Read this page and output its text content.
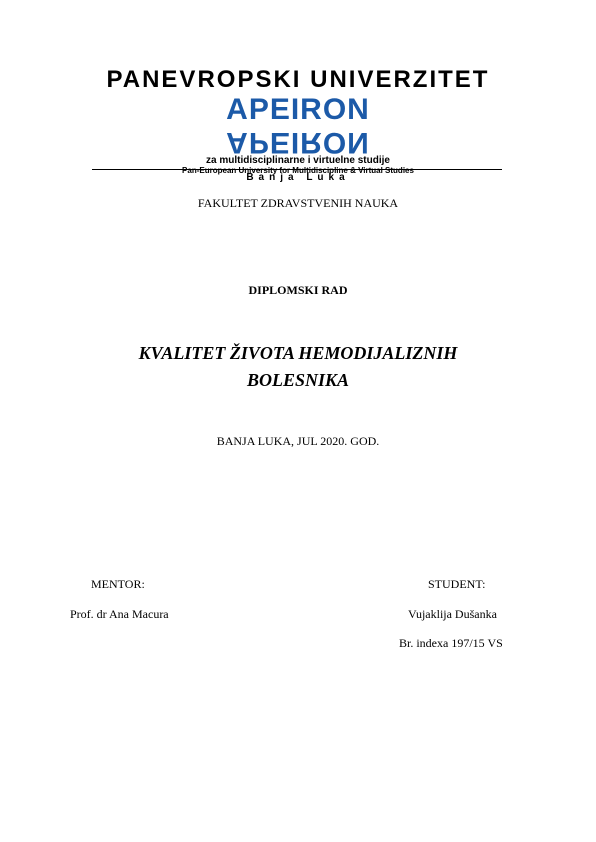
PANEVROPSKI UNIVERZITET
APEIRON
APEIRON
za multidisciplinarne i virtuelne studije
Pan-European University for Multidiscipline & Virtual Studies
Banja Luka
FAKULTET ZDRAVSTVENIH NAUKA
DIPLOMSKI RAD
KVALITET ŽIVOTA HEMODIJALIZNIH
BOLESNIKA
BANJA LUKA, JUL 2020. GOD.
MENTOR:
Prof. dr Ana Macura
STUDENT:
Vujaklija Dušanka
Br. indexa 197/15 VS
